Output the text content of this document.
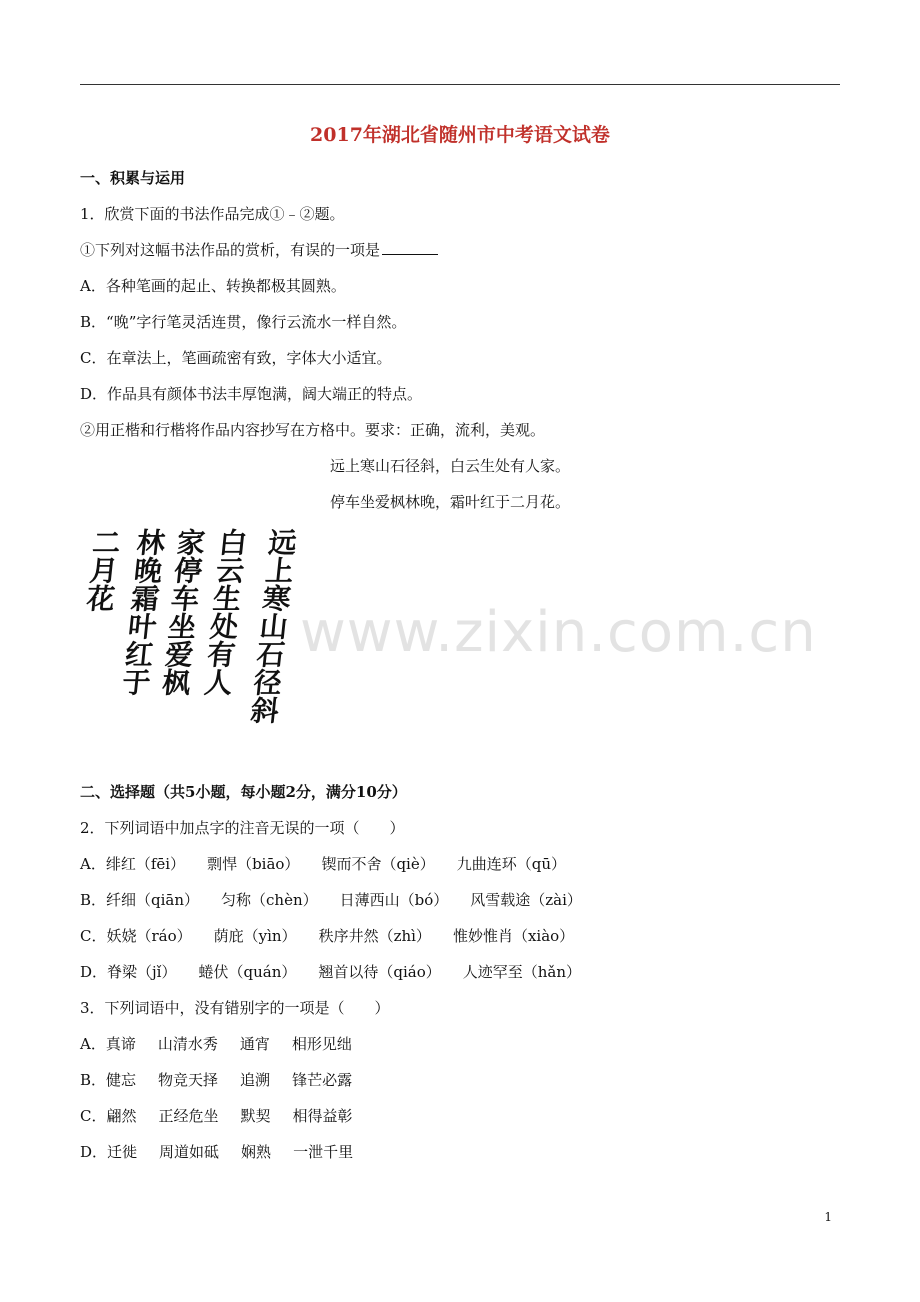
2017年湖北省随州市中考语文试卷
一、积累与运用
1．欣赏下面的书法作品完成①﹣②题。
①下列对这幅书法作品的赏析，有误的一项是
A．各种笔画的起止、转换都极其圆熟。
B．“晚”字行笔灵活连贯，像行云流水一样自然。
C．在章法上，笔画疏密有致，字体大小适宜。
D．作品具有颜体书法丰厚饱满，阔大端正的特点。
②用正楷和行楷将作品内容抄写在方格中。要求：正确，流利，美观。
远上寒山石径斜，白云生处有人家。
停车坐爱枫林晚，霜叶红于二月花。
远上寒山石径斜
白云生处有人
家停车坐爱枫
林晚霜叶红于
二月花
www.zixin.com.cn
二、选择题（共5小题，每小题2分，满分10分）
2．下列词语中加点字的注音无误的一项（　　）
A．绯红（fēi） 剽悍（biāo） 锲而不舍（qiè） 九曲连环（qū）
B．纤细（qiān） 匀称（chèn） 日薄西山（bó） 风雪载途（zài）
C．妖娆（ráo） 荫庇（yìn） 秩序井然（zhì） 惟妙惟肖（xiào）
D．脊梁（jǐ） 蜷伏（quán） 翘首以待（qiáo） 人迹罕至（hǎn）
3．下列词语中，没有错别字的一项是（　　）
A．真谛 山清水秀 通宵 相形见绌
B．健忘 物竞天择 追溯 锋芒必露
C．翩然 正经危坐 默契 相得益彰
D．迁徙 周道如砥 娴熟 一泄千里
1
